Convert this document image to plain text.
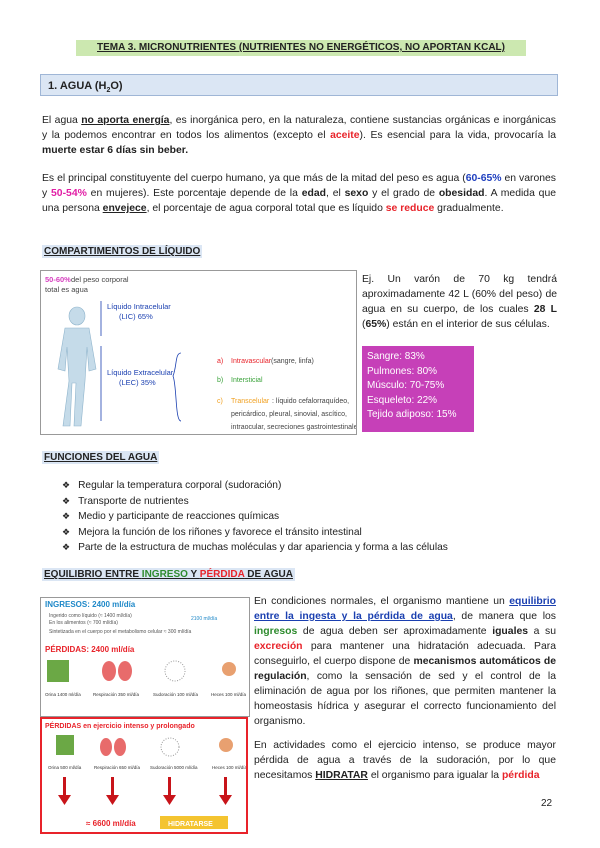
TEMA 3. MICRONUTRIENTES (NUTRIENTES NO ENERGÉTICOS, NO APORTAN KCAL)
1. AGUA $(H_2O)$
El agua no aporta energía, es inorgánica pero, en la naturaleza, contiene sustancias orgánicas e inorgánicas y la podemos encontrar en todos los alimentos (excepto el aceite). Es esencial para la vida, provocaría la muerte estar 6 días sin beber.
Es el principal constituyente del cuerpo humano, ya que más de la mitad del peso es agua (60-65% en varones y 50-54% en mujeres). Este porcentaje depende de la edad, el sexo y el grado de obesidad. A medida que una persona envejece, el porcentaje de agua corporal total que es líquido se reduce gradualmente.
COMPARTIMENTOS DE LÍQUIDO
50-60% del peso corporal
total es agua
Líquido Intracelular
(LIC) 65%
Líquido Extracelular
(LEC) 35%
a) Intravascular (sangre, linfa)
b) Intersticial
c) Transcelular : líquido cefalorraquídeo,
pericárdico, pleural, sinovial, ascítico,
intraocular, secreciones gastrointestinales
Ej. Un varón de 70 kg tendrá aproximadamente 42 L (60% del peso) de agua en su cuerpo, de los cuales 28 L (65%) están en el interior de sus células.
Sangre: 83%
Pulmones: 80%
Músculo: 70-75%
Esqueleto: 22%
Tejido adiposo: 15%
FUNCIONES DEL AGUA
❖ Regular la temperatura corporal (sudoración)
❖ Transporte de nutrientes
❖ Medio y participante de reacciones químicas
❖ Mejora la función de los riñones y favorece el tránsito intestinal
❖ Parte de la estructura de muchas moléculas y dar apariencia y forma a las células
EQUILIBRIO ENTRE INGRESO Y PÉRDIDA DE AGUA
INGRESOS: 2400 ml/día
Ingerido como líquido (≈ 1400 ml/día)
En los alimentos (≈ 700 ml/día)
Sintetizada en el cuerpo por el metabolismo celular ≈ 300 ml/día
2100 ml/día
PÉRDIDAS: 2400 ml/día
Orina 1400 ml/día	Respiración 350 ml/día	Sudoración 100 ml/día	Heces 100 ml/día
PÉRDIDAS en ejercicio intenso y prolongado
Orina 500 ml/día	Respiración 650 ml/día Sudoración 5000 ml/día	Heces 100 ml/día
≈ 6600 ml/día	HIDRATARSE
En condiciones normales, el organismo mantiene un equilibrio entre la ingesta y la pérdida de agua, de manera que los ingresos de agua deben ser aproximadamente iguales a su excreción para mantener una hidratación adecuada. Para conseguirlo, el cuerpo dispone de mecanismos automáticos de regulación, como la sensación de sed y el control de la eliminación de agua por los riñones, que permiten mantener la homeostasis hídrica y asegurar el correcto funcionamiento del organismo.
En actividades como el ejercicio intenso, se produce mayor pérdida de agua a través de la sudoración, por lo que necesitamos HIDRATAR el organismo para igualar la pérdida
22
